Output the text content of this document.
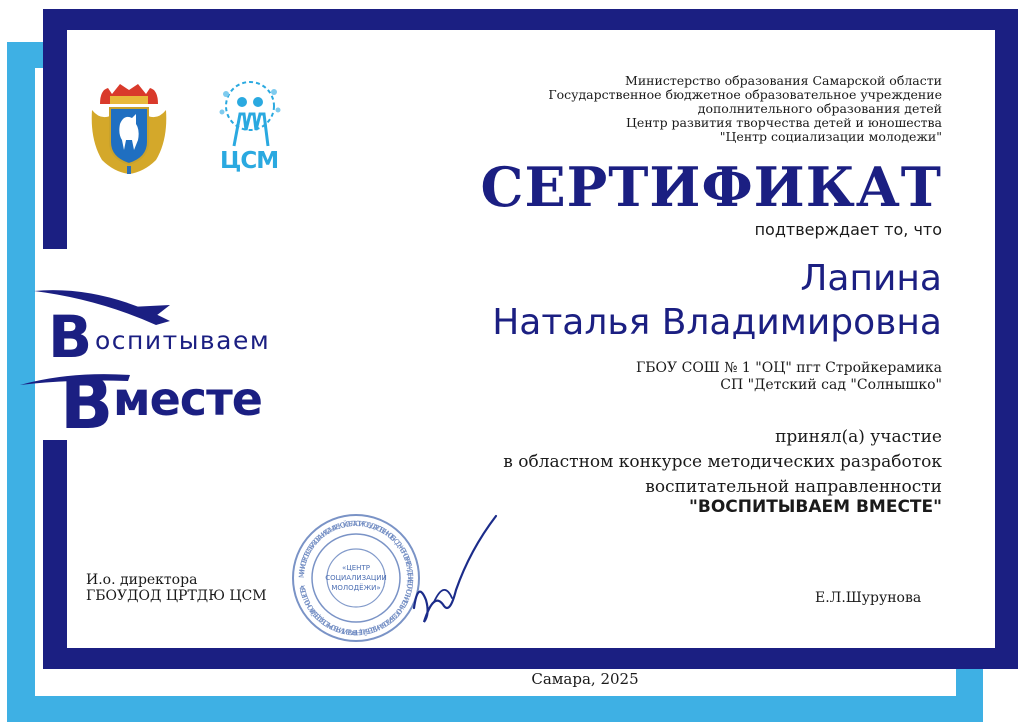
ЦСМ
Министерство образования Самарской области
Государственное бюджетное образовательное учреждение
дополнительного образования детей
Центр развития творчества детей и юношества
"Центр социализации молодежи"
СЕРТИФИКАТ
подтверждает то, что
Лапина
Наталья Владимировна
ГБОУ СОШ № 1 "ОЦ" пгт Стройкерамика
СП "Детский сад "Солнышко"
принял(а) участие
в областном конкурсе методических разработок
воспитательной направленности
"ВОСПИТЫВАЕМ ВМЕСТЕ"
В
В
оспитываем
месте
И.о. директора
ГБОУДОД ЦРТДЮ ЦСМ
МИНИСТЕРСТВО ОБРАЗОВАНИЯ САМАРСКОЙ ОБЛАСТИ • ГОСУДАРСТВЕННОЕ БЮДЖЕТНОЕ УЧРЕЖДЕНИЕ ДОПОЛНИТЕЛЬНОГО ОБРАЗОВАНИЯ ДЕТЕЙ ЦЕНТР РАЗВИТИЯ ТВОРЧЕСТВА ДЕТЕЙ И ЮНОШЕСТВА •
«ЦЕНТР
СОЦИАЛИЗАЦИИ
МОЛОДЁЖИ»
Е.Л.Шурунова
Самара, 2025
